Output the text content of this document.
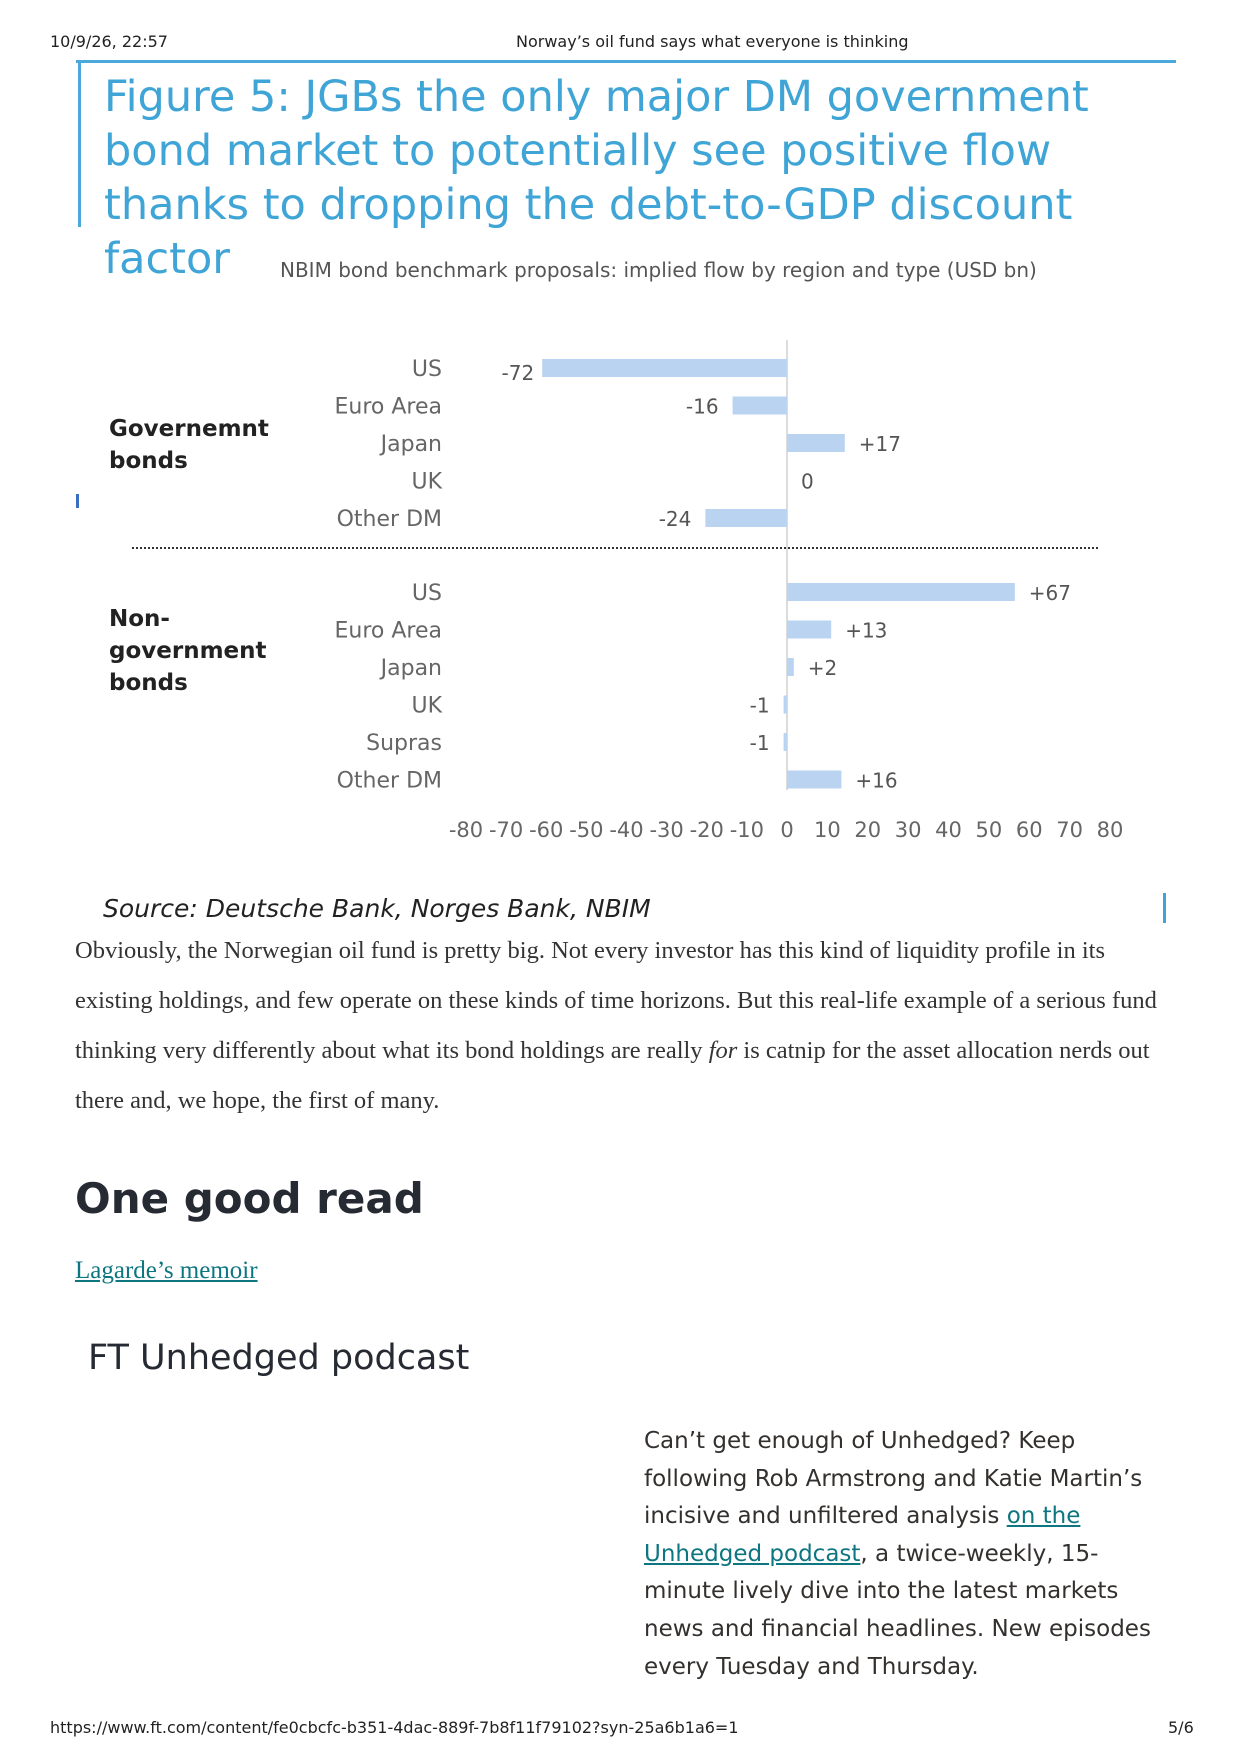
10/9/26, 22:57	Norway’s oil fund says what everyone is thinking
Figure 5: JGBs the only major DM government bond market to potentially see positive flow thanks to dropping the debt-to-GDP discount factor	NBIM bond benchmark proposals: implied flow by region and type (USD bn)
Governemnt
bonds
US	-72
Euro Area	-16
Japan	+17
UK	0
Other DM	-24
Non-
government
bonds
US	+67
Euro Area	+13
Japan	+2
UK	-1
Supras	-1
Other DM	+16
-80 -70 -60 -50 -40 -30 -20 -10 0 10 20 30 40 50 60 70 80
Source: Deutsche Bank, Norges Bank, NBIM

Obviously, the Norwegian oil fund is pretty big. Not every investor has this kind of liquidity profile in its existing holdings, and few operate on these kinds of time horizons. But this real-life example of a serious fund thinking very differently about what its bond holdings are really for is catnip for the asset allocation nerds out there and, we hope, the first of many.

One good read
Lagarde’s memoir
FT Unhedged podcast

Can’t get enough of Unhedged? Keep following Rob Armstrong and Katie Martin’s incisive and unfiltered analysis on the Unhedged podcast, a twice-weekly, 15-minute lively dive into the latest markets news and financial headlines. New episodes every Tuesday and Thursday.

https://www.ft.com/content/fe0cbcfc-b351-4dac-889f-7b8f11f79102?syn-25a6b1a6=1	5/6
